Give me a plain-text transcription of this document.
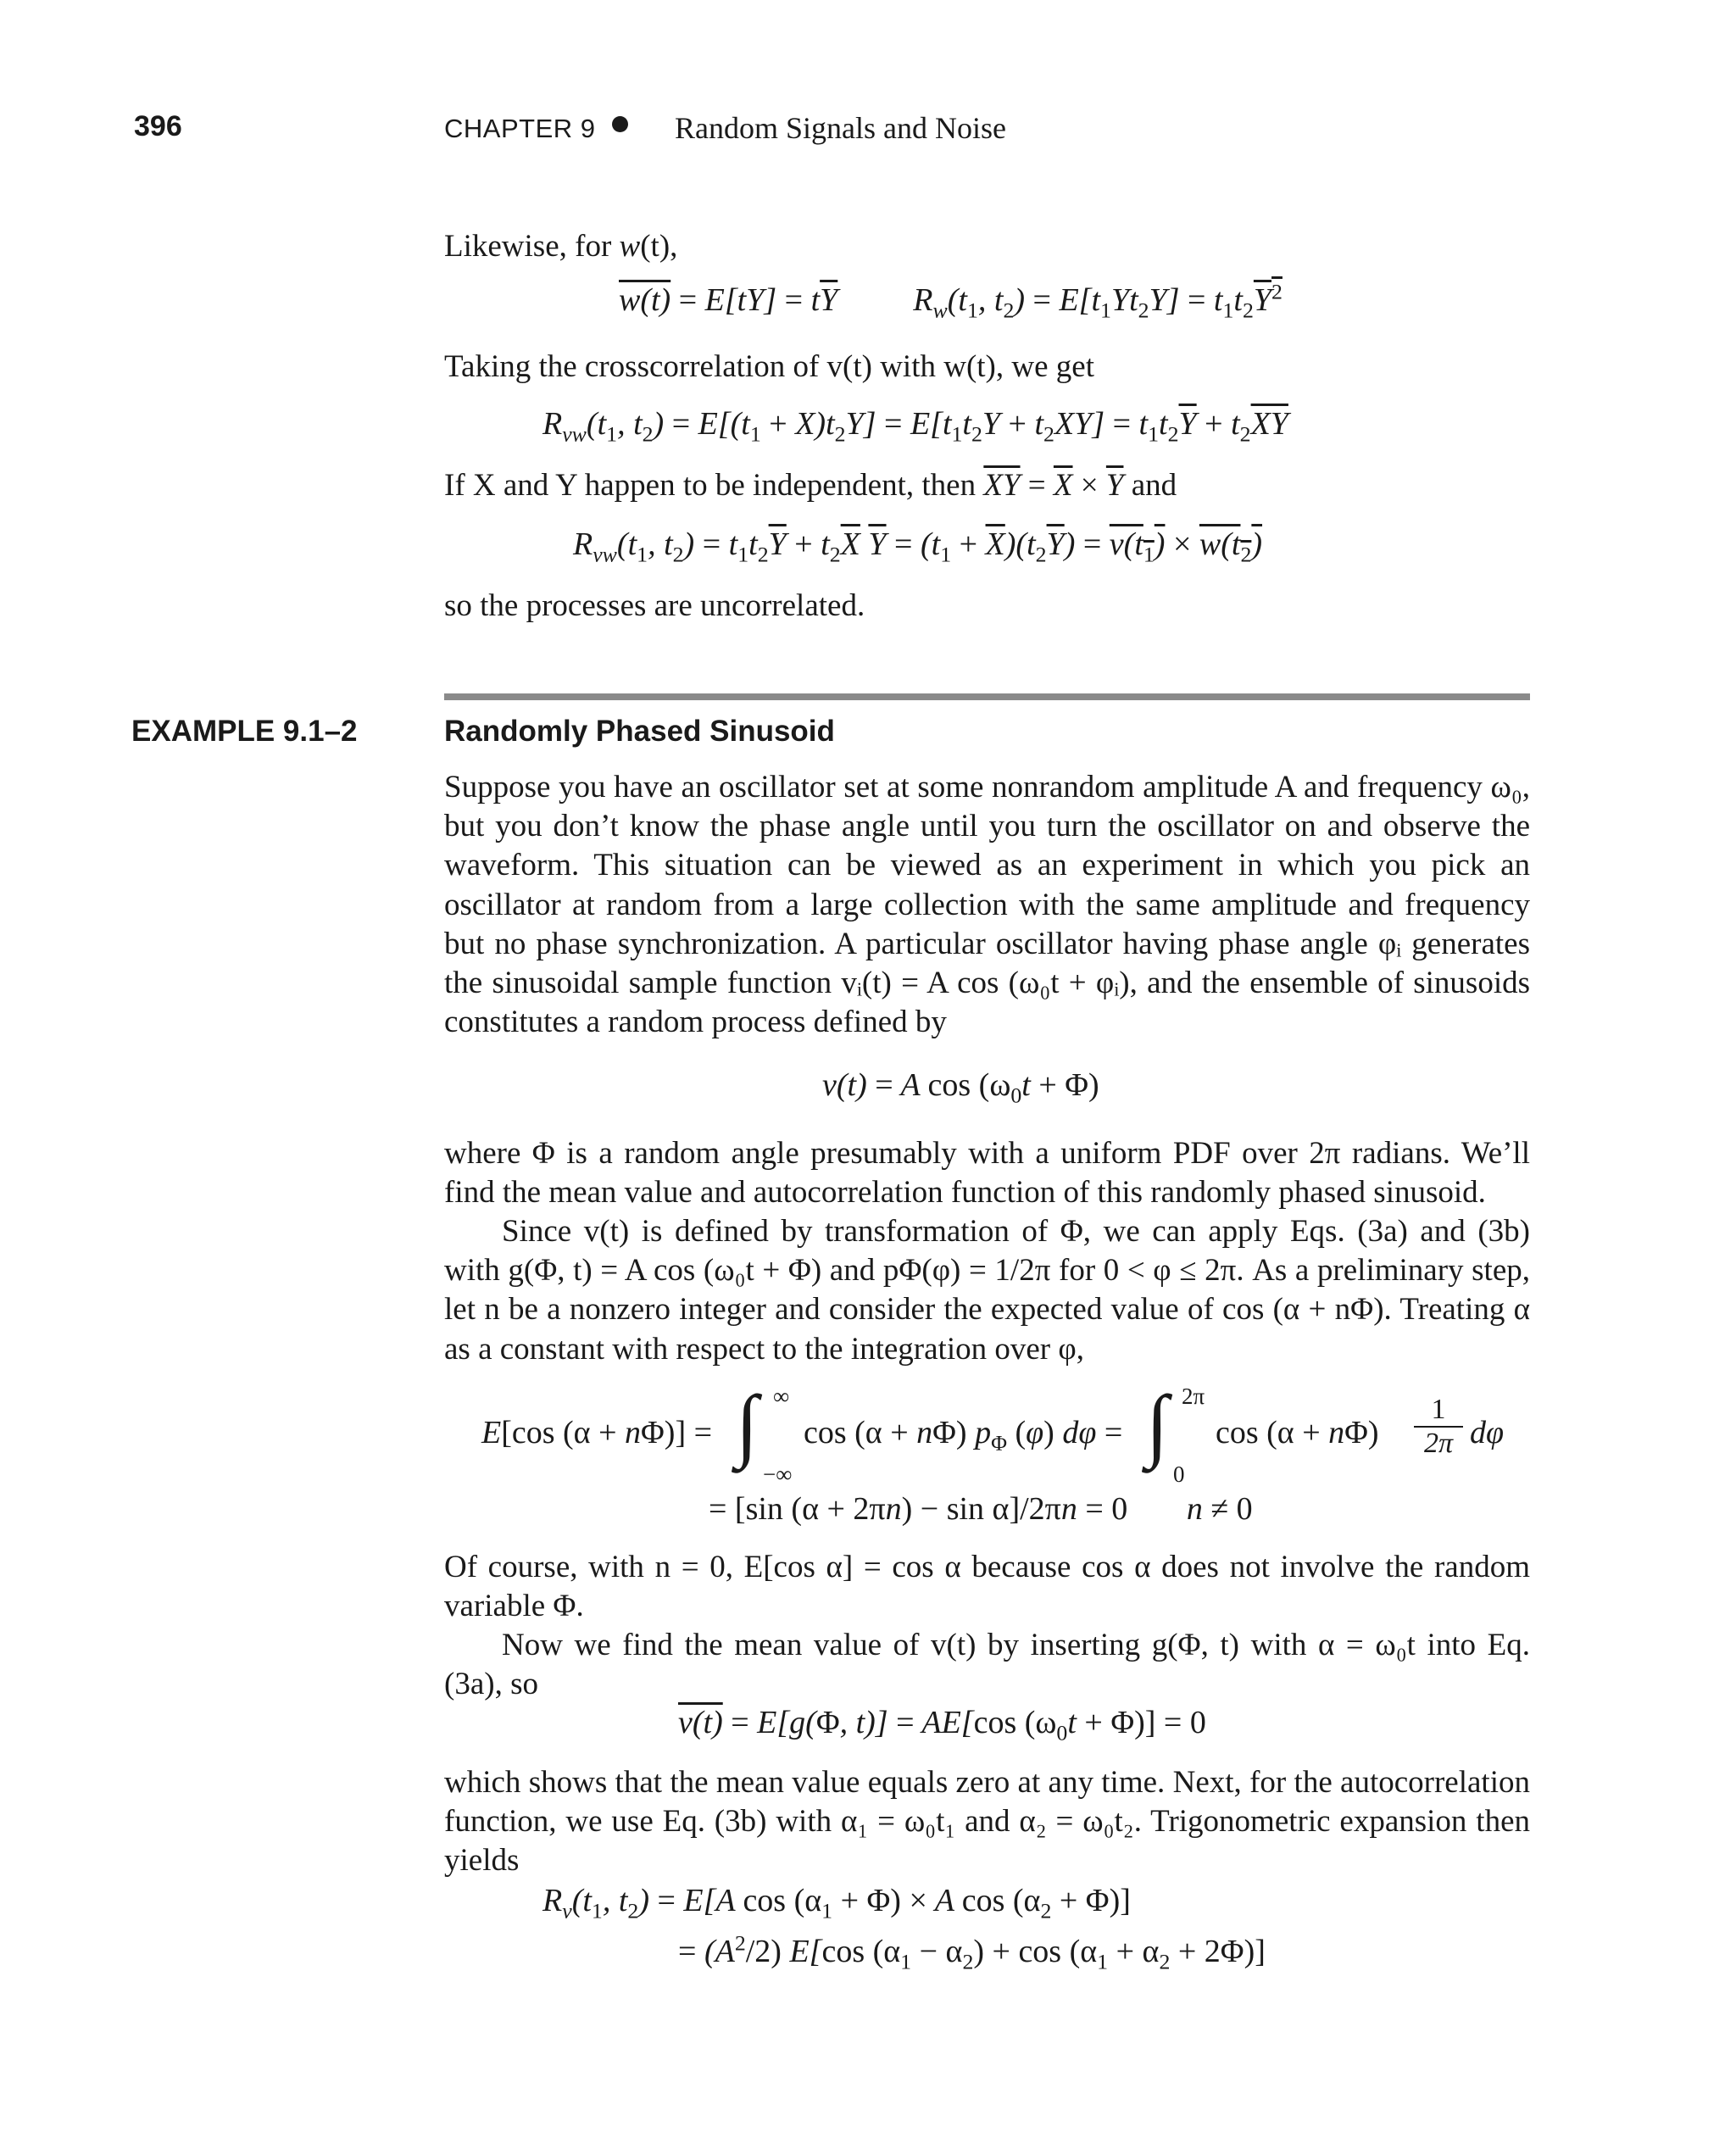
396	CHAPTER 9	Random Signals and Noise

Likewise, for w(t),

$w(t) = E[tY] = t\overline{Y}$  $R_w(t_1$, $t_2) = E[t_1Yt_2Y] = t_1t_2Y^2$

Taking the crosscorrelation of v(t) with w(t), we get

$R_{vw}(t_1$, $t_2) = E[(t_1 + X)t_2Y] = E[t_1t_2Y + t_2XY] = t_1t_2\overline{Y} + t_2\overline{XY}$

If X and Y happen to be independent, then $\overline{XY} = \overline{X} \times \overline{Y}$ and

$R_{vw}(t_1$, $t_2) = t_1t_2\overline{Y} + t_2\overline{X}$ $\overline{Y} = (t_1 + \overline{X})(t_2\overline{Y}) = v(t_1) \times w(t_2)$

so the processes are uncorrelated.

EXAMPLE 9.1–2	Randomly Phased Sinusoid

Suppose you have an oscillator set at some nonrandom amplitude A and frequency ω₀, but you don’t know the phase angle until you turn the oscillator on and observe the waveform. This situation can be viewed as an experiment in which you pick an oscillator at random from a large collection with the same amplitude and frequency but no phase synchronization. A particular oscillator having phase angle φᵢ generates the sinusoidal sample function vᵢ(t) = A cos (ω₀t + φᵢ), and the ensemble of sinusoids constitutes a random process defined by

v(t) = A $\cos (\omega_0t + \Phi)$

where Φ is a random angle presumably with a uniform PDF over 2π radians. We’ll find the mean value and autocorrelation function of this randomly phased sinusoid.

Since v(t) is defined by transformation of Φ, we can apply Eqs. (3a) and (3b) with g(Φ, t) = A cos (ω₀t + Φ) and pΦ(φ) = 1/2π for 0 < φ ≤ 2π. As a preliminary step, let n be a nonzero integer and consider the expected value of cos (α + nΦ). Treating α as a constant with respect to the integration over φ,

E[cos (α + nΦ)] = ∫ ∞
−∞
cos (α + nΦ) $p_\Phi$ (φ) dφ = ∫ 2π
0
$\cos (\alpha + n\Phi) \frac{1}{2\pi}$ dφ
= [sin (α + 2πn) − sin α]/2πn = 0 n ≠ 0

Of course, with n = 0, E[cos α] = cos α because cos α does not involve the random variable Φ.

Now we find the mean value of v(t) by inserting g(Φ, t) with α = ω₀t into Eq. (3a), so

v(t) = E[g(Φ, t)] = AE[cos $(\omega_0t + \Phi)] = 0$

which shows that the mean value equals zero at any time. Next, for the autocorrelation function, we use Eq. (3b) with α₁ = ω₀t₁ and α₂ = ω₀t₂. Trigonometric expansion then yields

$R_v(t_1$, $t_2) = E[A$ $\cos (\alpha_1 + \Phi) \times A$ $\cos (\alpha_2 + \Phi)$]
= $(A^2/2)$ E[cos $(\alpha_1 - \alpha_2) + \cos (\alpha_1 + \alpha_2 + 2\Phi)$]
